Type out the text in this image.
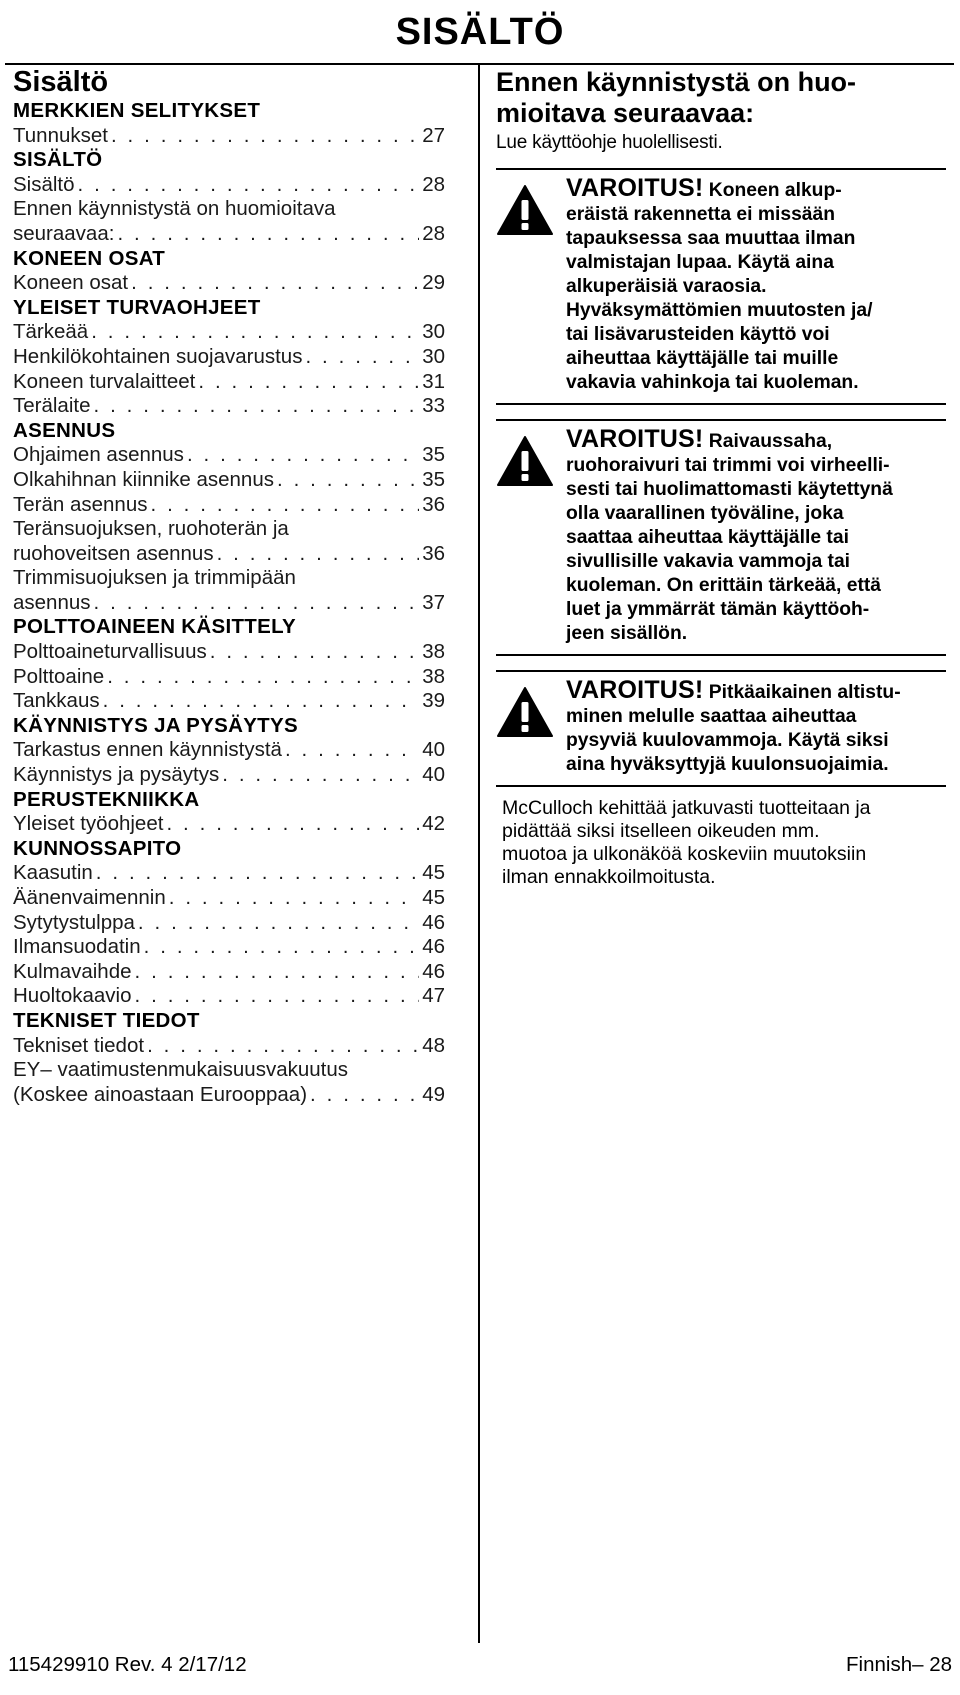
SISÄLTÖ
Sisältö
MERKKIEN SELITYKSET
Tunnukset . . .	27
SISÄLTÖ
Sisältö . . .	28
Ennen käynnistystä on huomioitava
seuraavaa: . . .	28
KONEEN OSAT
Koneen osat . . .	29
YLEISET TURVAOHJEET
Tärkeää . . .	30
Henkilökohtainen suojavarustus . . .	30
Koneen turvalaitteet . . .	31
Terälaite . . .	33
ASENNUS
Ohjaimen asennus . . .	35
Olkahihnan kiinnike asennus . . .	35
Terän asennus . . .	36
Teränsuojuksen, ruohoterän ja
ruohoveitsen asennus . . .	36
Trimmisuojuksen ja trimmipään
asennus . . .	37
POLTTOAINEEN KÄSITTELY
Polttoaineturvallisuus . . .	38
Polttoaine . . .	38
Tankkaus . . .	39
KÄYNNISTYS JA PYSÄYTYS
Tarkastus ennen käynnistystä . . .	40
Käynnistys ja pysäytys . . .	40
PERUSTEKNIIKKA
Yleiset työohjeet . . .	42
KUNNOSSAPITO
Kaasutin . . .	45
Äänenvaimennin . . .	45
Sytytystulppa . . .	46
Ilmansuodatin . . .	46
Kulmavaihde . . .	46
Huoltokaavio . . .	47
TEKNISET TIEDOT
Tekniset tiedot . . .	48
EY– vaatimustenmukaisuusvakuutus
(Koskee ainoastaan Eurooppaa) . . .	49
Ennen käynnistystä on huo-
mioitava seuraavaa:

Lue käyttöohje huolellisesti.

VAROITUS! Koneen alkup-
eräistä rakennetta ei missään
tapauksessa saa muuttaa ilman
valmistajan lupaa. Käytä aina
alkuperäisiä varaosia.
Hyväksymättömien muutosten ja/
tai lisävarusteiden käyttö voi
aiheuttaa käyttäjälle tai muille
vakavia vahinkoja tai kuoleman.

VAROITUS! Raivaussaha,
ruohoraivuri tai trimmi voi virheelli-
sesti tai huolimattomasti käytettynä
olla vaarallinen työväline, joka
saattaa aiheuttaa käyttäjälle tai
sivullisille vakavia vammoja tai
kuoleman. On erittäin tärkeää, että
luet ja ymmärrät tämän käyttöoh-
jeen sisällön.

VAROITUS! Pitkäaikainen altistu-
minen melulle saattaa aiheuttaa
pysyviä kuulovammoja. Käytä siksi
aina hyväksyttyjä kuulonsuojaimia.

McCulloch kehittää jatkuvasti tuotteitaan ja
pidättää siksi itselleen oikeuden mm.
muotoa ja ulkonäköä koskeviin muutoksiin
ilman ennakkoilmoitusta.

115429910 Rev. 4 2/17/12	Finnish– 28
